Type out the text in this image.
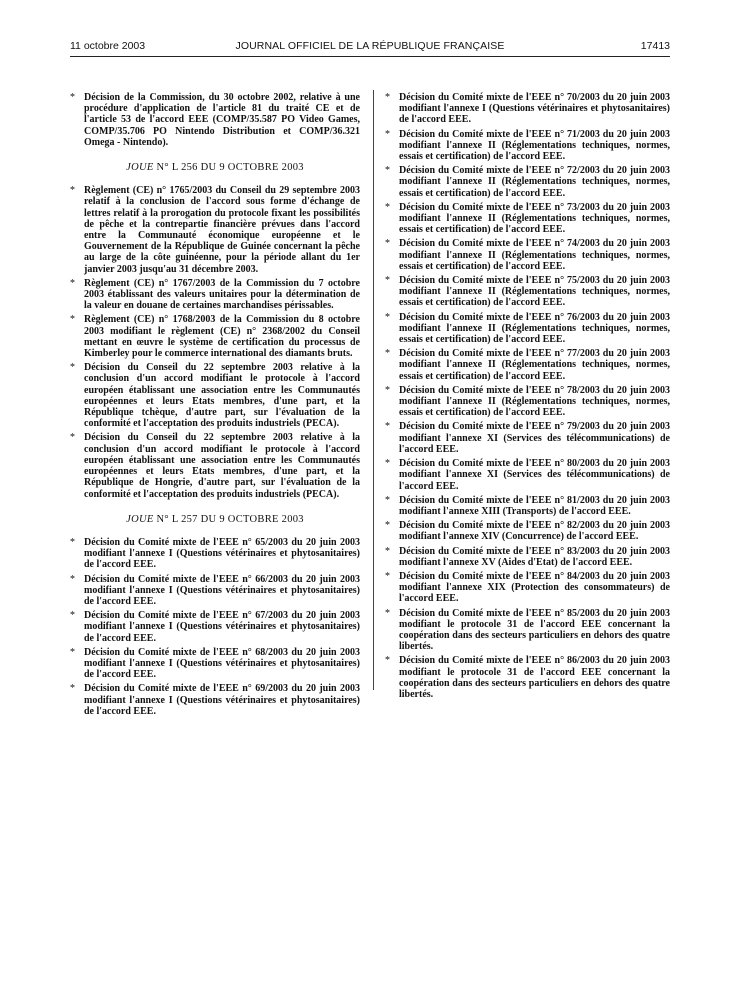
11 octobre 2003	JOURNAL OFFICIEL DE LA RÉPUBLIQUE FRANÇAISE	17413
* Décision de la Commission, du 30 octobre 2002, relative à une procédure d'application de l'article 81 du traité CE et de l'article 53 de l'accord EEE (COMP/35.587 PO Video Games, COMP/35.706 PO Nintendo Distribution et COMP/36.321 Omega - Nintendo).
JOUE N° L 256 DU 9 OCTOBRE 2003
* Règlement (CE) n° 1765/2003 du Conseil du 29 septembre 2003 relatif à la conclusion de l'accord sous forme d'échange de lettres relatif à la prorogation du protocole fixant les possibilités de pêche et la contrepartie financière prévues dans l'accord entre la Communauté économique européenne et le Gouvernement de la République de Guinée concernant la pêche au large de la côte guinéenne, pour la période allant du 1er janvier 2003 jusqu'au 31 décembre 2003.
* Règlement (CE) n° 1767/2003 de la Commission du 7 octobre 2003 établissant des valeurs unitaires pour la détermination de la valeur en douane de certaines marchandises périssables.
* Règlement (CE) n° 1768/2003 de la Commission du 8 octobre 2003 modifiant le règlement (CE) n° 2368/2002 du Conseil mettant en œuvre le système de certification du processus de Kimberley pour le commerce international des diamants bruts.
* Décision du Conseil du 22 septembre 2003 relative à la conclusion d'un accord modifiant le protocole à l'accord européen établissant une association entre les Communautés européennes et leurs Etats membres, d'une part, et la République tchèque, d'autre part, sur l'évaluation de la conformité et l'acceptation des produits industriels (PECA).
* Décision du Conseil du 22 septembre 2003 relative à la conclusion d'un accord modifiant le protocole à l'accord européen établissant une association entre les Communautés européennes et leurs Etats membres, d'une part, et la République de Hongrie, d'autre part, sur l'évaluation de la conformité et l'acceptation des produits industriels (PECA).
JOUE N° L 257 DU 9 OCTOBRE 2003
* Décision du Comité mixte de l'EEE n° 65/2003 du 20 juin 2003 modifiant l'annexe I (Questions vétérinaires et phytosanitaires) de l'accord EEE.
* Décision du Comité mixte de l'EEE n° 66/2003 du 20 juin 2003 modifiant l'annexe I (Questions vétérinaires et phytosanitaires) de l'accord EEE.
* Décision du Comité mixte de l'EEE n° 67/2003 du 20 juin 2003 modifiant l'annexe I (Questions vétérinaires et phytosanitaires) de l'accord EEE.
* Décision du Comité mixte de l'EEE n° 68/2003 du 20 juin 2003 modifiant l'annexe I (Questions vétérinaires et phytosanitaires) de l'accord EEE.
* Décision du Comité mixte de l'EEE n° 69/2003 du 20 juin 2003 modifiant l'annexe I (Questions vétérinaires et phytosanitaires) de l'accord EEE.
* Décision du Comité mixte de l'EEE n° 70/2003 du 20 juin 2003 modifiant l'annexe I (Questions vétérinaires et phytosanitaires) de l'accord EEE.
* Décision du Comité mixte de l'EEE n° 71/2003 du 20 juin 2003 modifiant l'annexe II (Réglementations techniques, normes, essais et certification) de l'accord EEE.
* Décision du Comité mixte de l'EEE n° 72/2003 du 20 juin 2003 modifiant l'annexe II (Réglementations techniques, normes, essais et certification) de l'accord EEE.
* Décision du Comité mixte de l'EEE n° 73/2003 du 20 juin 2003 modifiant l'annexe II (Réglementations techniques, normes, essais et certification) de l'accord EEE.
* Décision du Comité mixte de l'EEE n° 74/2003 du 20 juin 2003 modifiant l'annexe II (Réglementations techniques, normes, essais et certification) de l'accord EEE.
* Décision du Comité mixte de l'EEE n° 75/2003 du 20 juin 2003 modifiant l'annexe II (Réglementations techniques, normes, essais et certification) de l'accord EEE.
* Décision du Comité mixte de l'EEE n° 76/2003 du 20 juin 2003 modifiant l'annexe II (Réglementations techniques, normes, essais et certification) de l'accord EEE.
* Décision du Comité mixte de l'EEE n° 77/2003 du 20 juin 2003 modifiant l'annexe II (Réglementations techniques, normes, essais et certification) de l'accord EEE.
* Décision du Comité mixte de l'EEE n° 78/2003 du 20 juin 2003 modifiant l'annexe II (Réglementations techniques, normes, essais et certification) de l'accord EEE.
* Décision du Comité mixte de l'EEE n° 79/2003 du 20 juin 2003 modifiant l'annexe XI (Services des télécommunications) de l'accord EEE.
* Décision du Comité mixte de l'EEE n° 80/2003 du 20 juin 2003 modifiant l'annexe XI (Services des télécommunications) de l'accord EEE.
* Décision du Comité mixte de l'EEE n° 81/2003 du 20 juin 2003 modifiant l'annexe XIII (Transports) de l'accord EEE.
* Décision du Comité mixte de l'EEE n° 82/2003 du 20 juin 2003 modifiant l'annexe XIV (Concurrence) de l'accord EEE.
* Décision du Comité mixte de l'EEE n° 83/2003 du 20 juin 2003 modifiant l'annexe XV (Aides d'Etat) de l'accord EEE.
* Décision du Comité mixte de l'EEE n° 84/2003 du 20 juin 2003 modifiant l'annexe XIX (Protection des consommateurs) de l'accord EEE.
* Décision du Comité mixte de l'EEE n° 85/2003 du 20 juin 2003 modifiant le protocole 31 de l'accord EEE concernant la coopération dans des secteurs particuliers en dehors des quatre libertés.
* Décision du Comité mixte de l'EEE n° 86/2003 du 20 juin 2003 modifiant le protocole 31 de l'accord EEE concernant la coopération dans des secteurs particuliers en dehors des quatre libertés.
